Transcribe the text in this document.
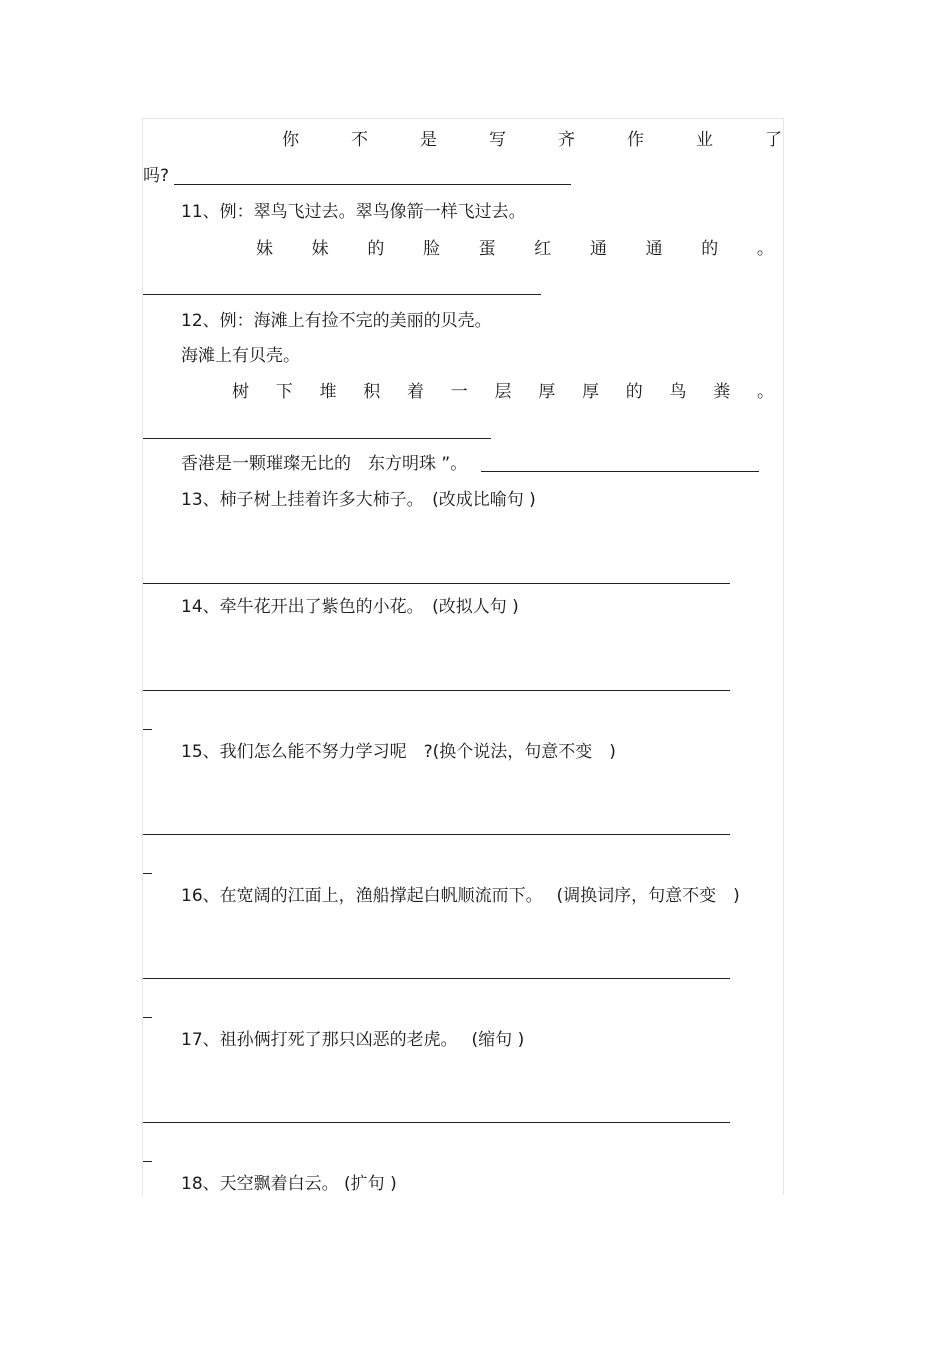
你	不	是	写	齐	作	业	了
吗?
11、例：翠鸟飞过去。翠鸟像箭一样飞过去。
妹 妹 的 脸 蛋 红 通 通 的 。
12、例：海滩上有捡不完的美丽的贝壳。
海滩上有贝壳。
树 下 堆 积 着 一 层 厚 厚 的 鸟 粪 。
香港是一颗璀璨无比的　东方明珠 ”。
13、柿子树上挂着许多大柿子。　(改成比喻句 )
14、牵牛花开出了紫色的小花。　(改拟人句 )
15、我们怎么能不努力学习呢　?(换个说法，句意不变　)
16、在宽阔的江面上，渔船撑起白帆顺流而下。　 (调换词序，句意不变　)
17、祖孙俩打死了那只凶恶的老虎。　 (缩句 )
18、天空飘着白云。 (扩句 )
